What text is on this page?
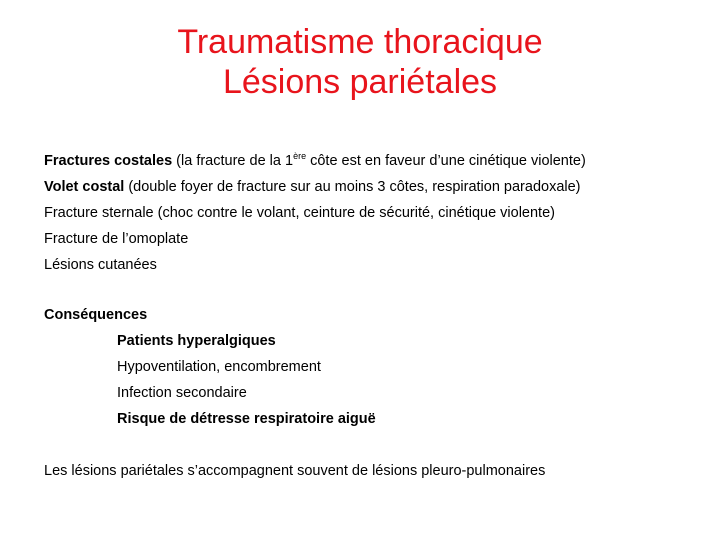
Traumatisme thoracique
Lésions pariétales
Fractures costales (la fracture de la 1ère côte est en faveur d’une cinétique violente)
Volet costal (double foyer de fracture sur au moins 3 côtes, respiration paradoxale)
Fracture sternale (choc contre le volant, ceinture de sécurité, cinétique violente)
Fracture de l’omoplate
Lésions cutanées
Conséquences
Patients hyperalgiques
Hypoventilation, encombrement
Infection secondaire
Risque de détresse respiratoire aiguë
Les lésions pariétales s’accompagnent souvent de lésions pleuro-pulmonaires
